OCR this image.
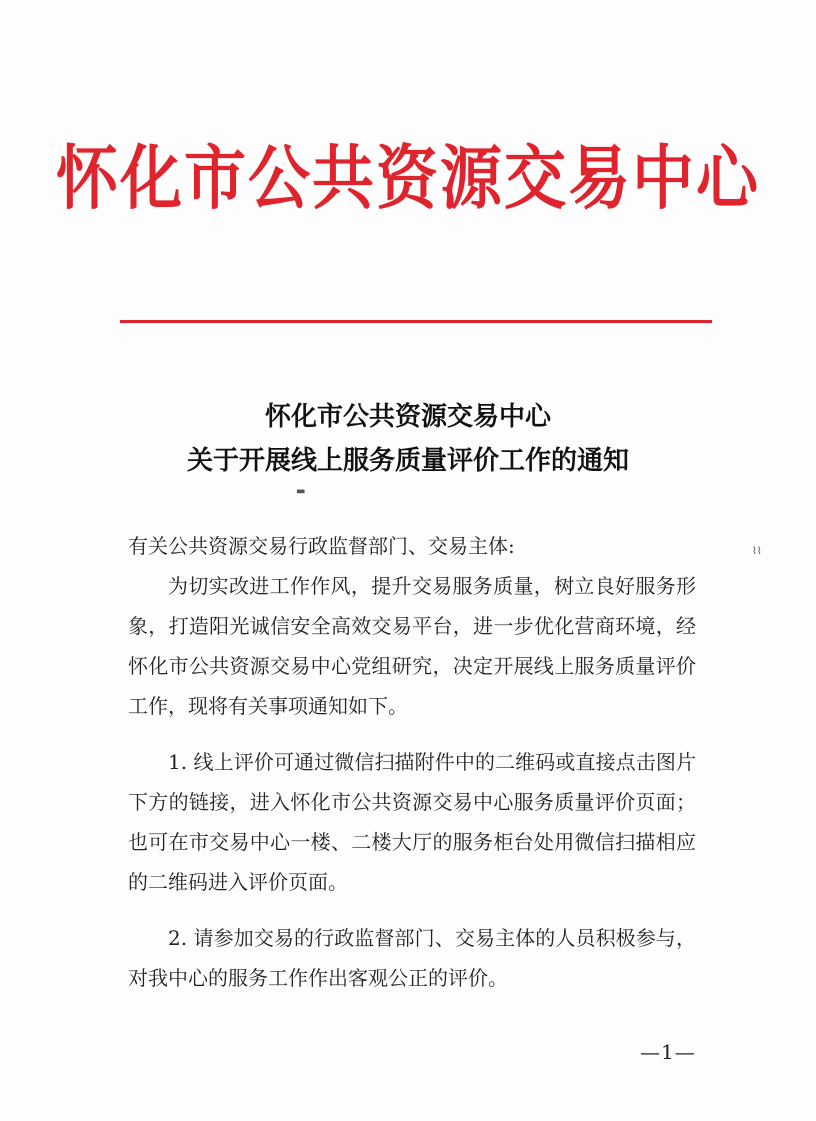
怀化市公共资源交易中心
怀化市公共资源交易中心
关于开展线上服务质量评价工作的通知
有关公共资源交易行政监督部门、交易主体:

为切实改进工作作风，提升交易服务质量，树立良好服务形象，打造阳光诚信安全高效交易平台，进一步优化营商环境，经怀化市公共资源交易中心党组研究，决定开展线上服务质量评价工作，现将有关事项通知如下。

1. 线上评价可通过微信扫描附件中的二维码或直接点击图片下方的链接，进入怀化市公共资源交易中心服务质量评价页面；也可在市交易中心一楼、二楼大厅的服务柜台处用微信扫描相应的二维码进入评价页面。

2. 请参加交易的行政监督部门、交易主体的人员积极参与，对我中心的服务工作作出客观公正的评价。

—1—
▬
⌇⌇
